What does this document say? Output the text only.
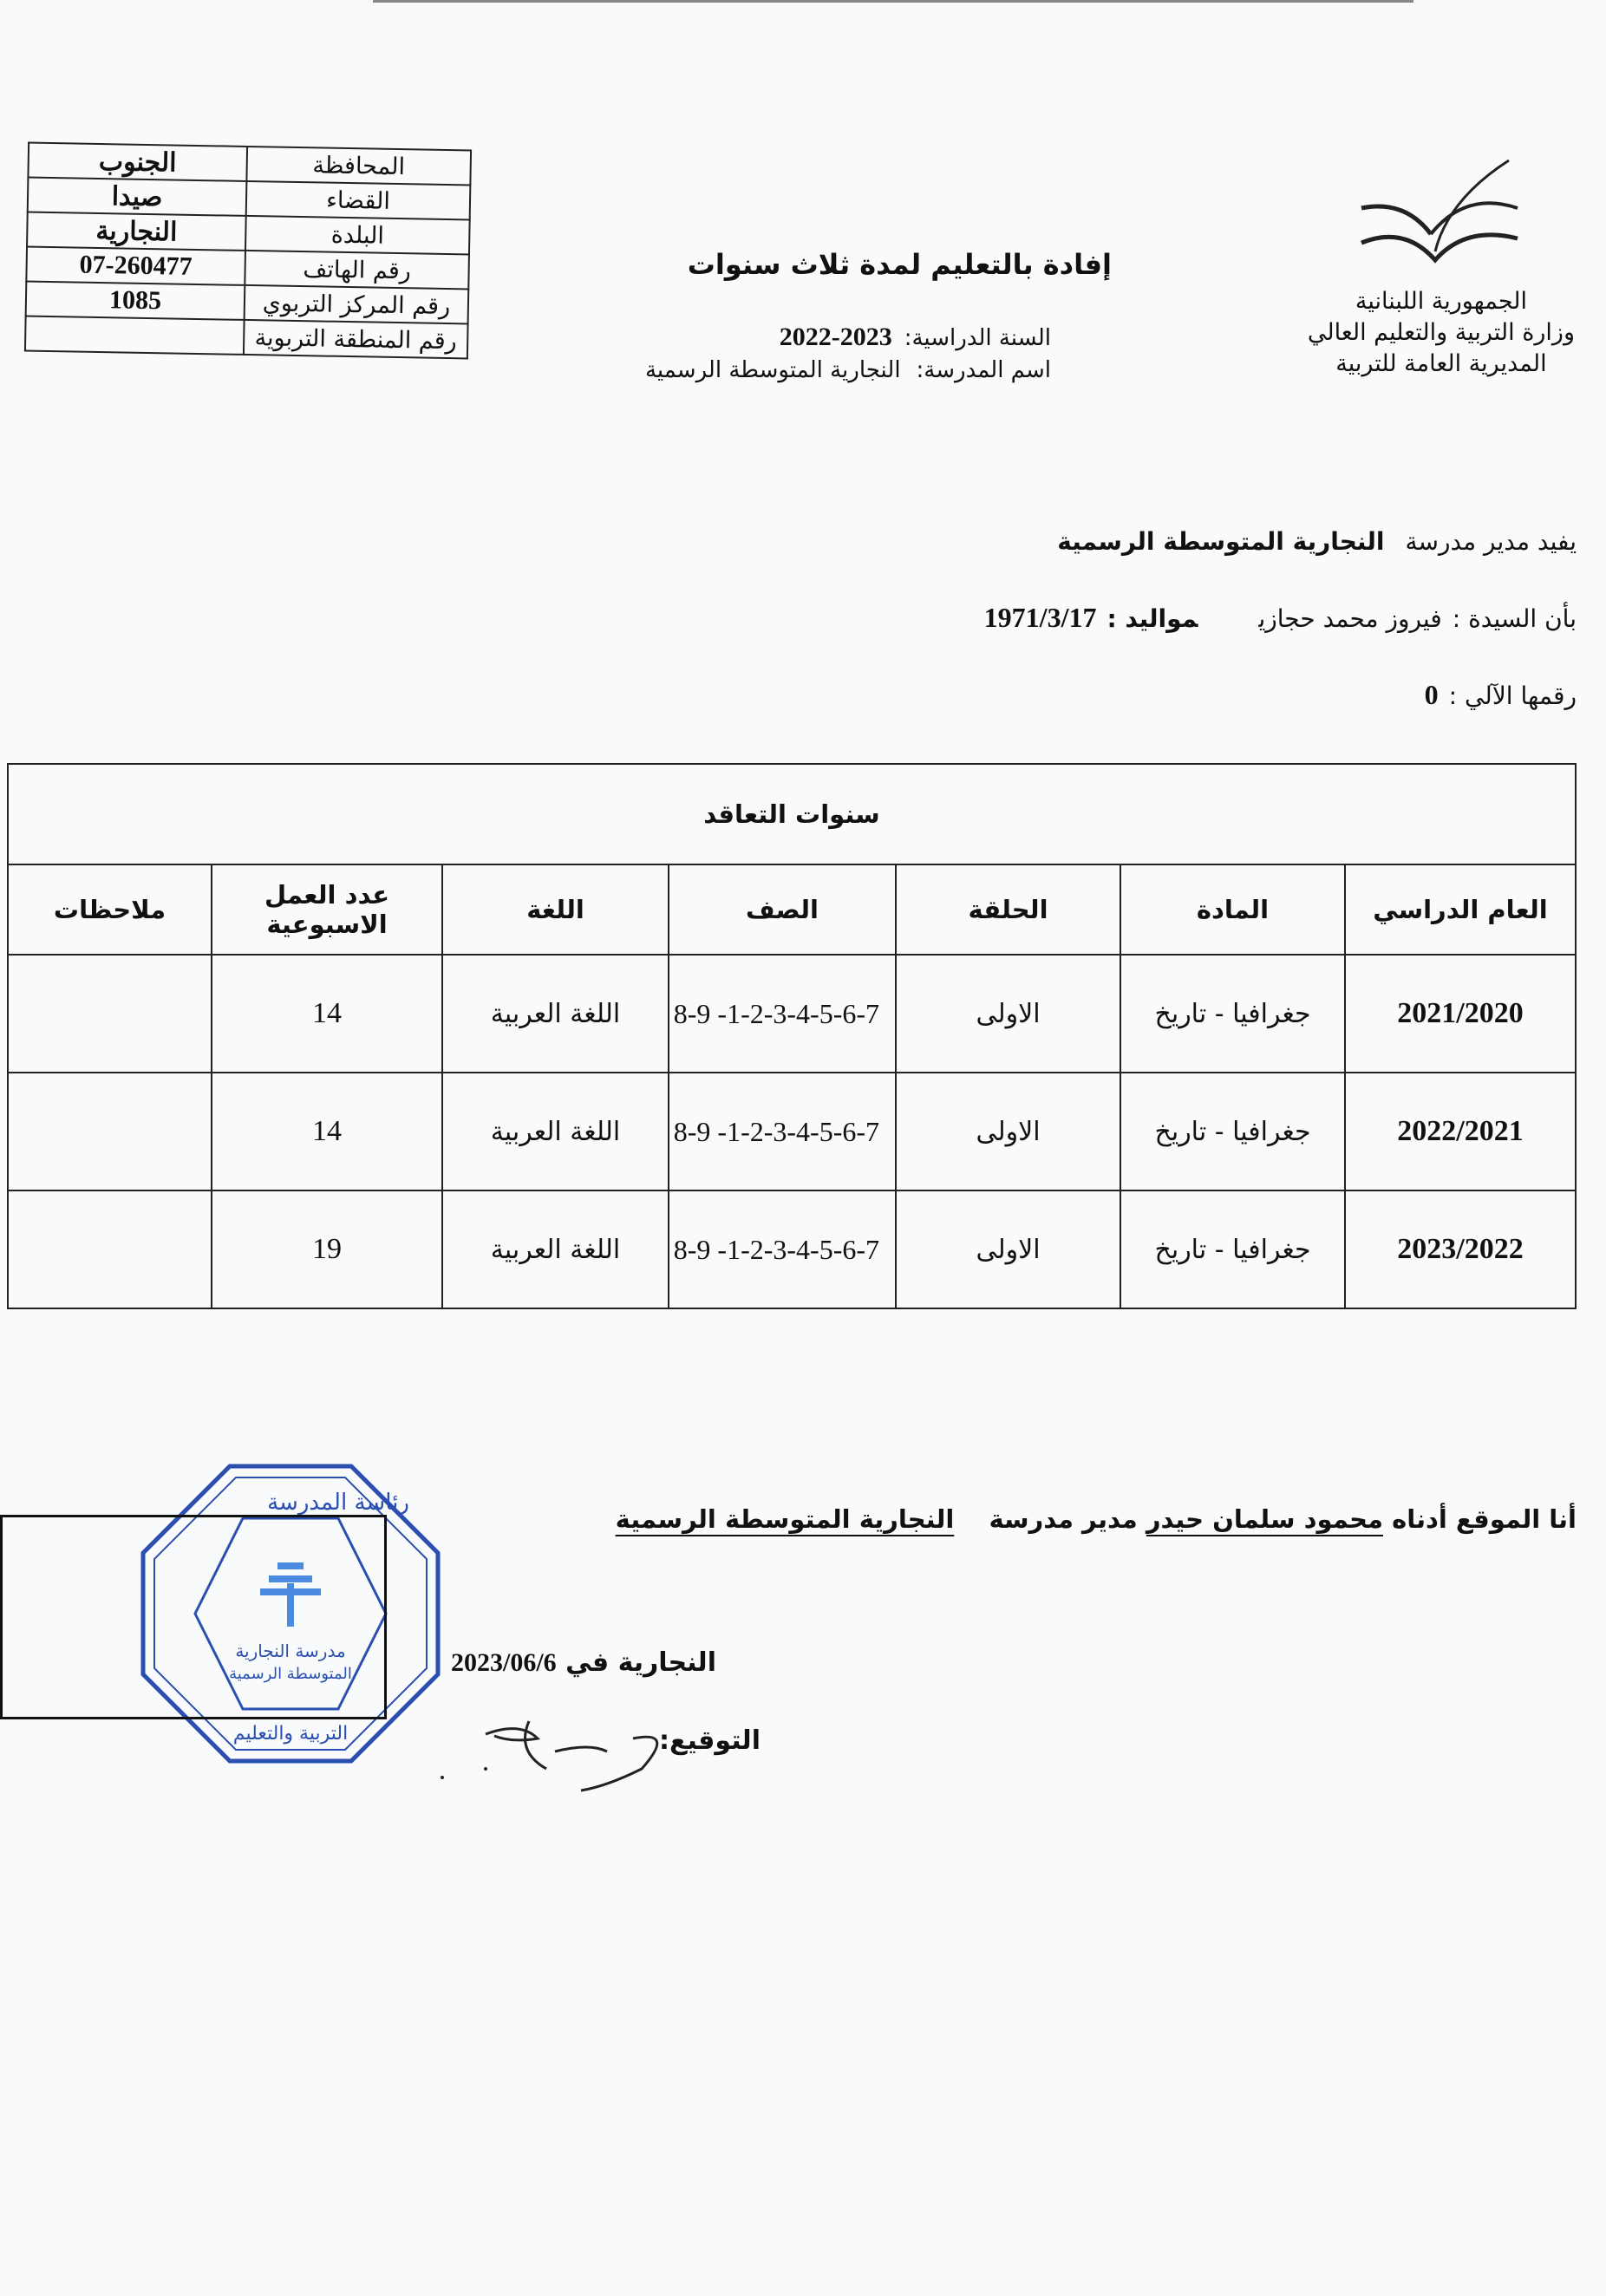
المحافظة	الجنوب
القضاء	صيدا
البلدة	النجارية
رقم الهاتف	07-260477
رقم المركز التربوي	1085
رقم المنطقة التربوية	
إفادة بالتعليم لمدة ثلاث سنوات
السنة الدراسية:2023-2022
اسم المدرسة:النجارية المتوسطة الرسمية
الجمهورية اللبنانية
وزارة التربية والتعليم العالي
المديرية العامة للتربية
يفيد مدير مدرسةالنجارية المتوسطة الرسمية
بأن السيدة :فيروز محمد حجازيمواليد :1971/3/17
رقمها الآلي :0
سنوات التعاقد						
العام الدراسي	المادة	الحلقة	الصف	اللغة	عدد العمل الاسبوعية	ملاحظات
2021/2020	جغرافيا - تاريخ	الاولى	1-2-3-4-5-6-7- 8-9	اللغة العربية	14	
2022/2021	جغرافيا - تاريخ	الاولى	1-2-3-4-5-6-7- 8-9	اللغة العربية	14	
2023/2022	جغرافيا - تاريخ	الاولى	1-2-3-4-5-6-7- 8-9	اللغة العربية	19	
أنا الموقع أدناه محمود سلمان حيدر مدير مدرسة النجارية المتوسطة الرسمية
مدرسة النجارية
المتوسطة الرسمية
رئاسة المدرسة
التربية والتعليم
النجارية في 2023/06/6
التوقيع:
